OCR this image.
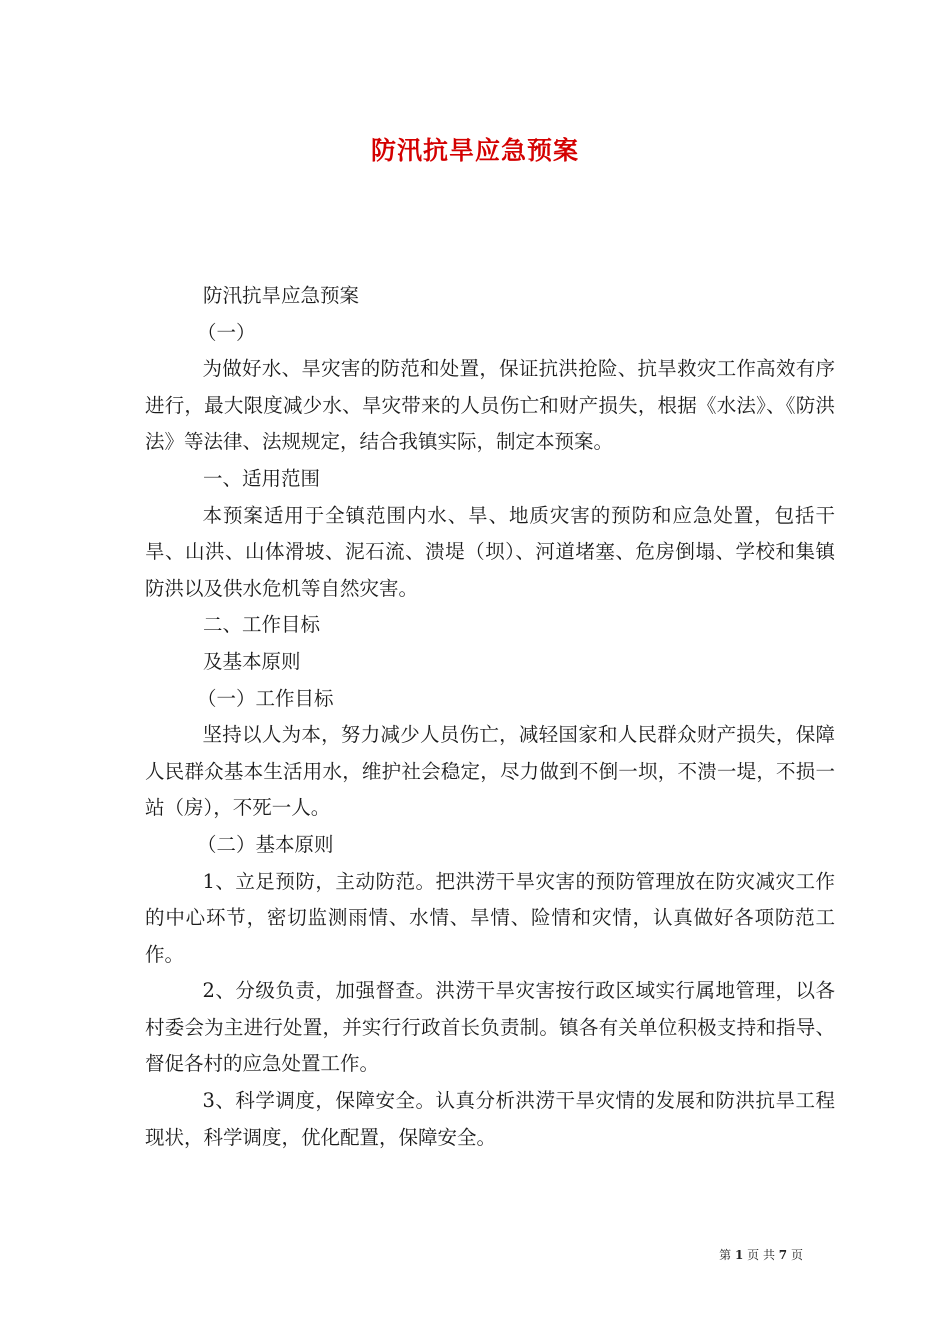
防汛抗旱应急预案

防汛抗旱应急预案

（一）

为做好水、旱灾害的防范和处置，保证抗洪抢险、抗旱救灾工作高效有序进行，最大限度减少水、旱灾带来的人员伤亡和财产损失，根据《水法》、《防洪法》等法律、法规规定，结合我镇实际，制定本预案。

一、适用范围

本预案适用于全镇范围内水、旱、地质灾害的预防和应急处置，包括干旱、山洪、山体滑坡、泥石流、溃堤（坝）、河道堵塞、危房倒塌、学校和集镇防洪以及供水危机等自然灾害。

二、工作目标

及基本原则

（一）工作目标

坚持以人为本，努力减少人员伤亡，减轻国家和人民群众财产损失，保障人民群众基本生活用水，维护社会稳定，尽力做到不倒一坝，不溃一堤，不损一站（房），不死一人。

（二）基本原则

1、立足预防，主动防范。把洪涝干旱灾害的预防管理放在防灾减灾工作的中心环节，密切监测雨情、水情、旱情、险情和灾情，认真做好各项防范工作。

2、分级负责，加强督查。洪涝干旱灾害按行政区域实行属地管理，以各村委会为主进行处置，并实行行政首长负责制。镇各有关单位积极支持和指导、督促各村的应急处置工作。

3、科学调度，保障安全。认真分析洪涝干旱灾情的发展和防洪抗旱工程现状，科学调度，优化配置，保障安全。

第 1 页 共 7 页
